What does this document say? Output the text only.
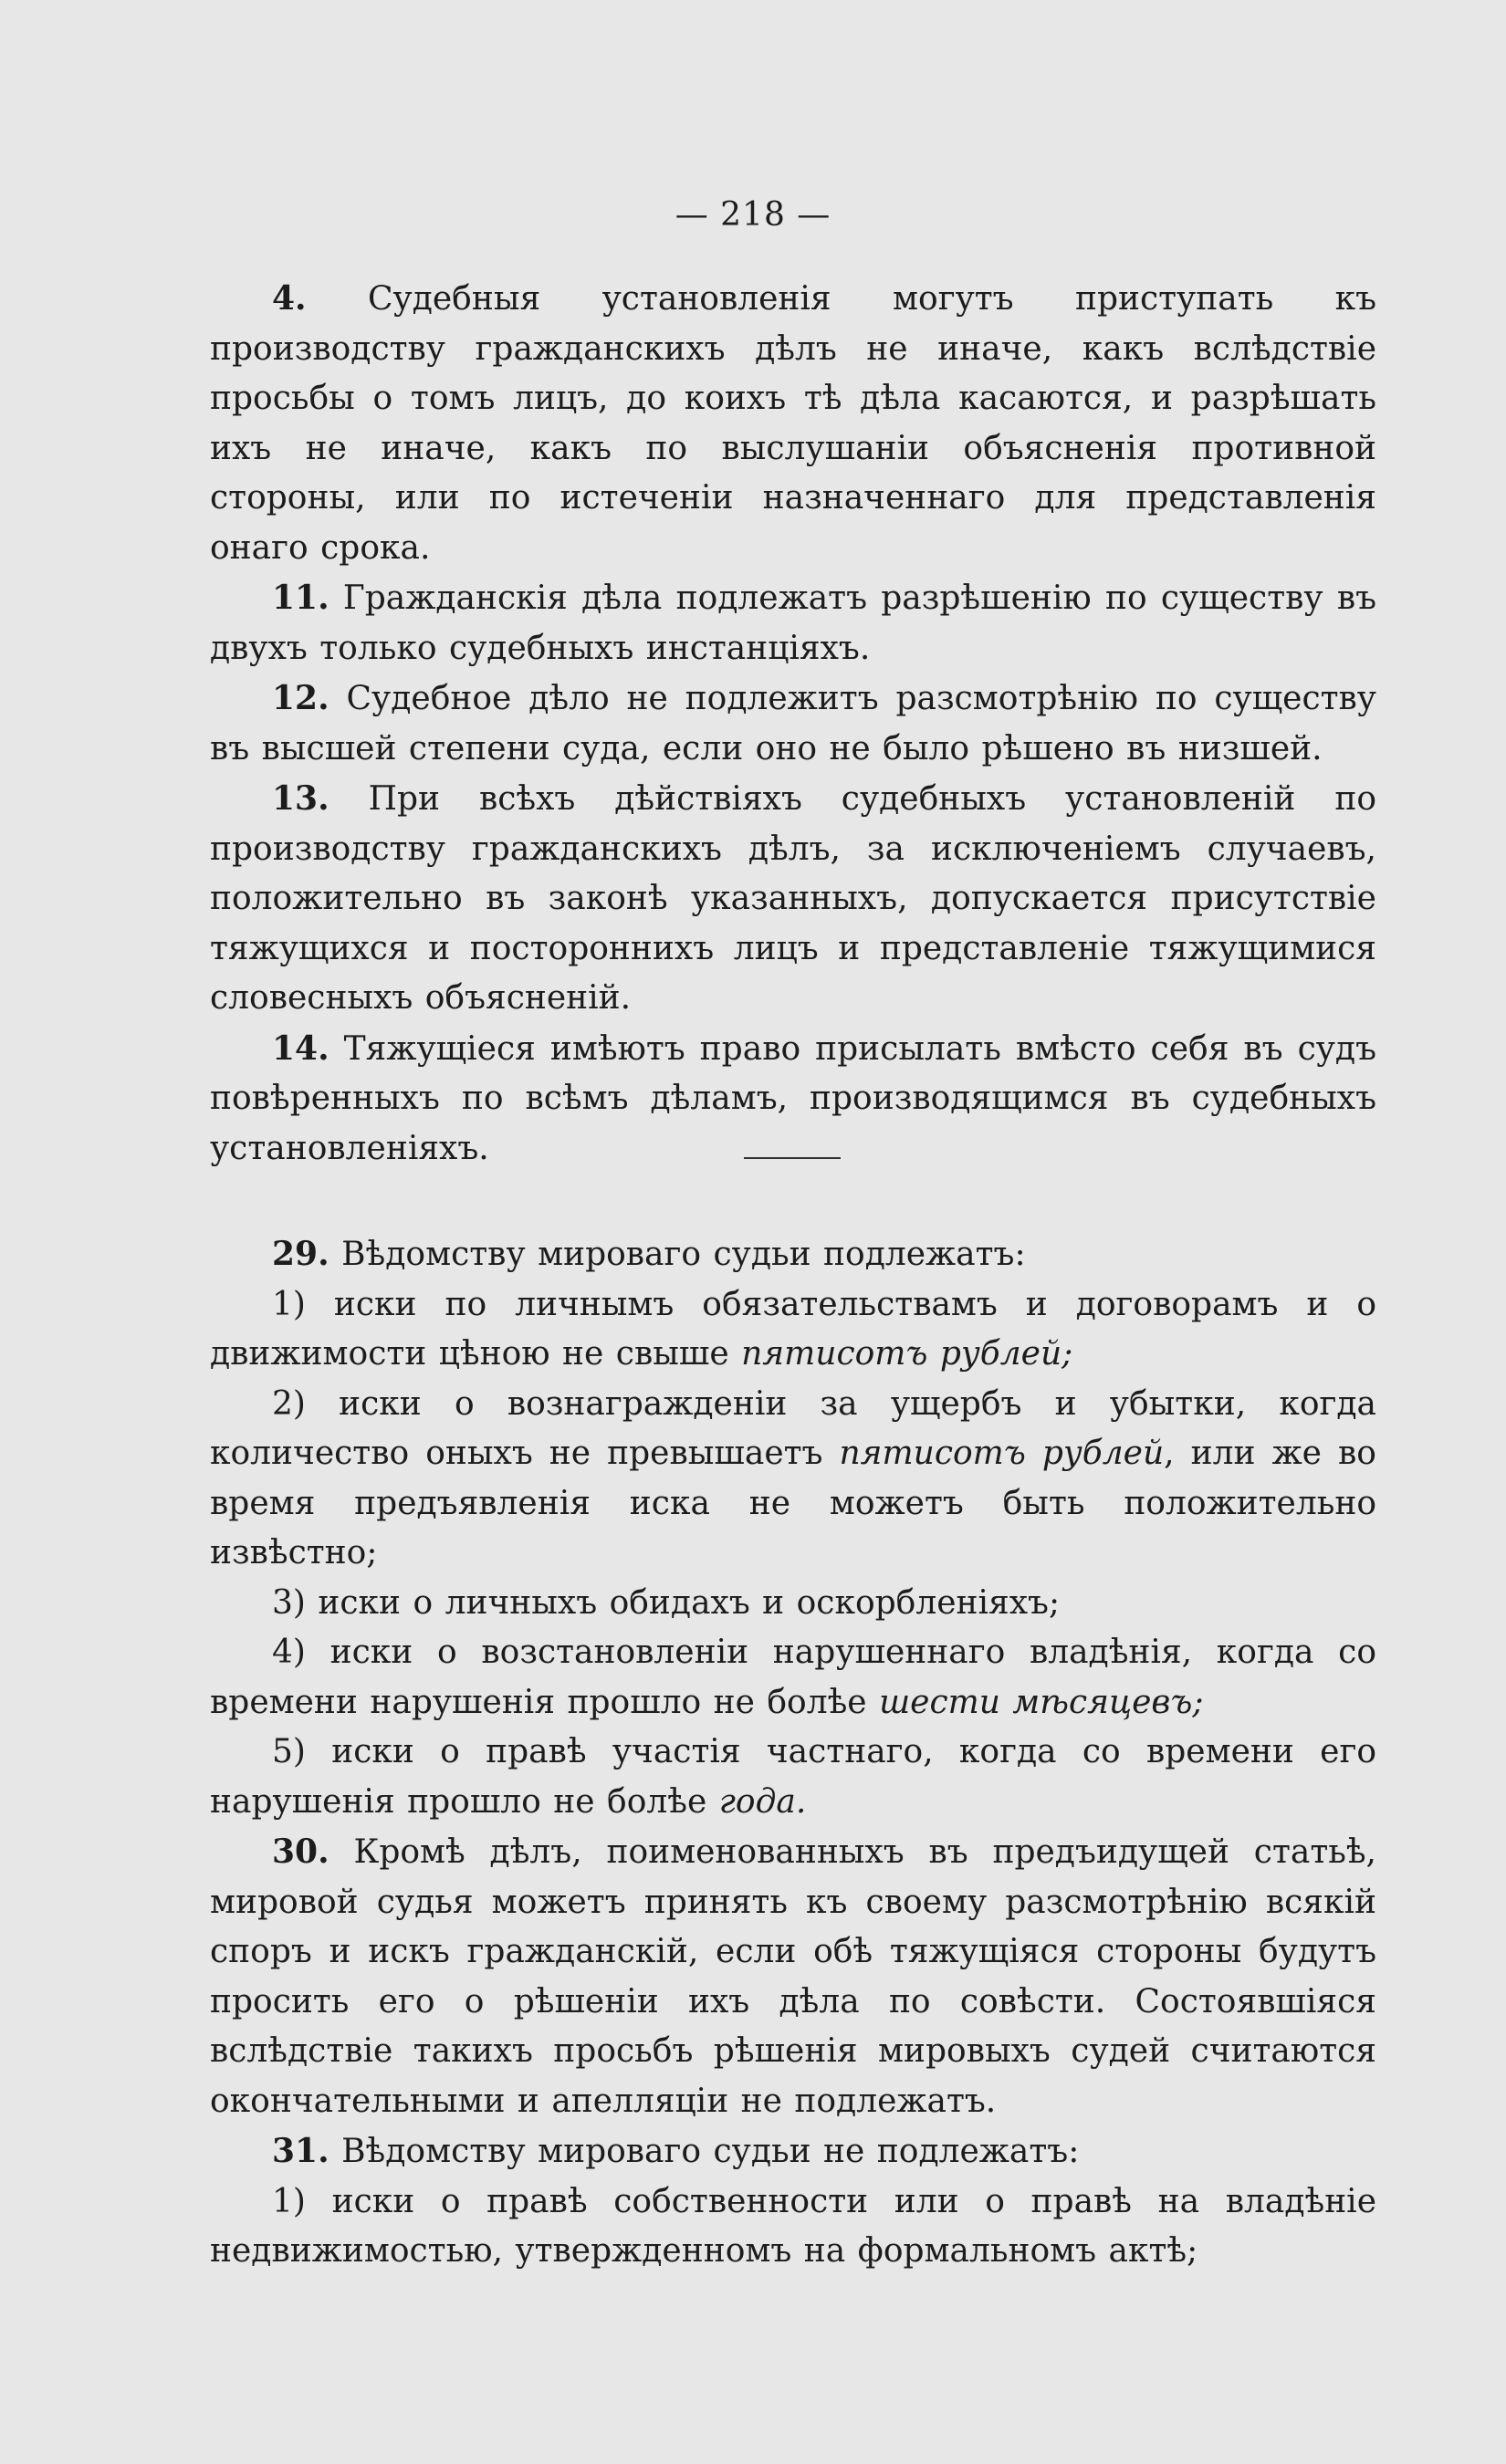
— 218 —

4. Судебныя установленія могутъ приступать къ производству гражданскихъ дѣлъ не иначе, какъ вслѣдствіе просьбы о томъ лицъ, до коихъ тѣ дѣла касаются, и разрѣшать ихъ не иначе, какъ по выслушаніи объясненія противной стороны, или по истеченіи назначеннаго для представленія онаго срока.

11. Гражданскія дѣла подлежатъ разрѣшенію по существу въ двухъ только судебныхъ инстанціяхъ.

12. Судебное дѣло не подлежитъ разсмотрѣнію по существу въ высшей степени суда, если оно не было рѣшено въ низшей.

13. При всѣхъ дѣйствіяхъ судебныхъ установленій по производству гражданскихъ дѣлъ, за исключеніемъ случаевъ, положительно въ законѣ указанныхъ, допускается присутствіе тяжущихся и постороннихъ лицъ и представленіе тяжущимися словесныхъ объясненій.

14. Тяжущіеся имѣютъ право присылать вмѣсто себя въ судъ повѣренныхъ по всѣмъ дѣламъ, производящимся въ судебныхъ установленіяхъ.

29. Вѣдомству мироваго судьи подлежатъ:

1) иски по личнымъ обязательствамъ и договорамъ и о движимости цѣною не свыше пятисотъ рублей;

2) иски о вознагражденіи за ущербъ и убытки, когда количество оныхъ не превышаетъ пятисотъ рублей, или же во время предъявленія иска не можетъ быть положительно извѣстно;

3) иски о личныхъ обидахъ и оскорбленіяхъ;

4) иски о возстановленіи нарушеннаго владѣнія, когда со времени нарушенія прошло не болѣе шести мѣсяцевъ;

5) иски о правѣ участія частнаго, когда со времени его нарушенія прошло не болѣе года.

30. Кромѣ дѣлъ, поименованныхъ въ предъидущей статьѣ, мировой судья можетъ принять къ своему разсмотрѣнію всякій споръ и искъ гражданскій, если обѣ тяжущіяся стороны будутъ просить его о рѣшеніи ихъ дѣла по совѣсти. Состоявшіяся вслѣдствіе такихъ просьбъ рѣшенія мировыхъ судей считаются окончательными и апелляціи не подлежатъ.

31. Вѣдомству мироваго судьи не подлежатъ:

1) иски о правѣ собственности или о правѣ на владѣніе недвижимостью, утвержденномъ на формальномъ актѣ;
